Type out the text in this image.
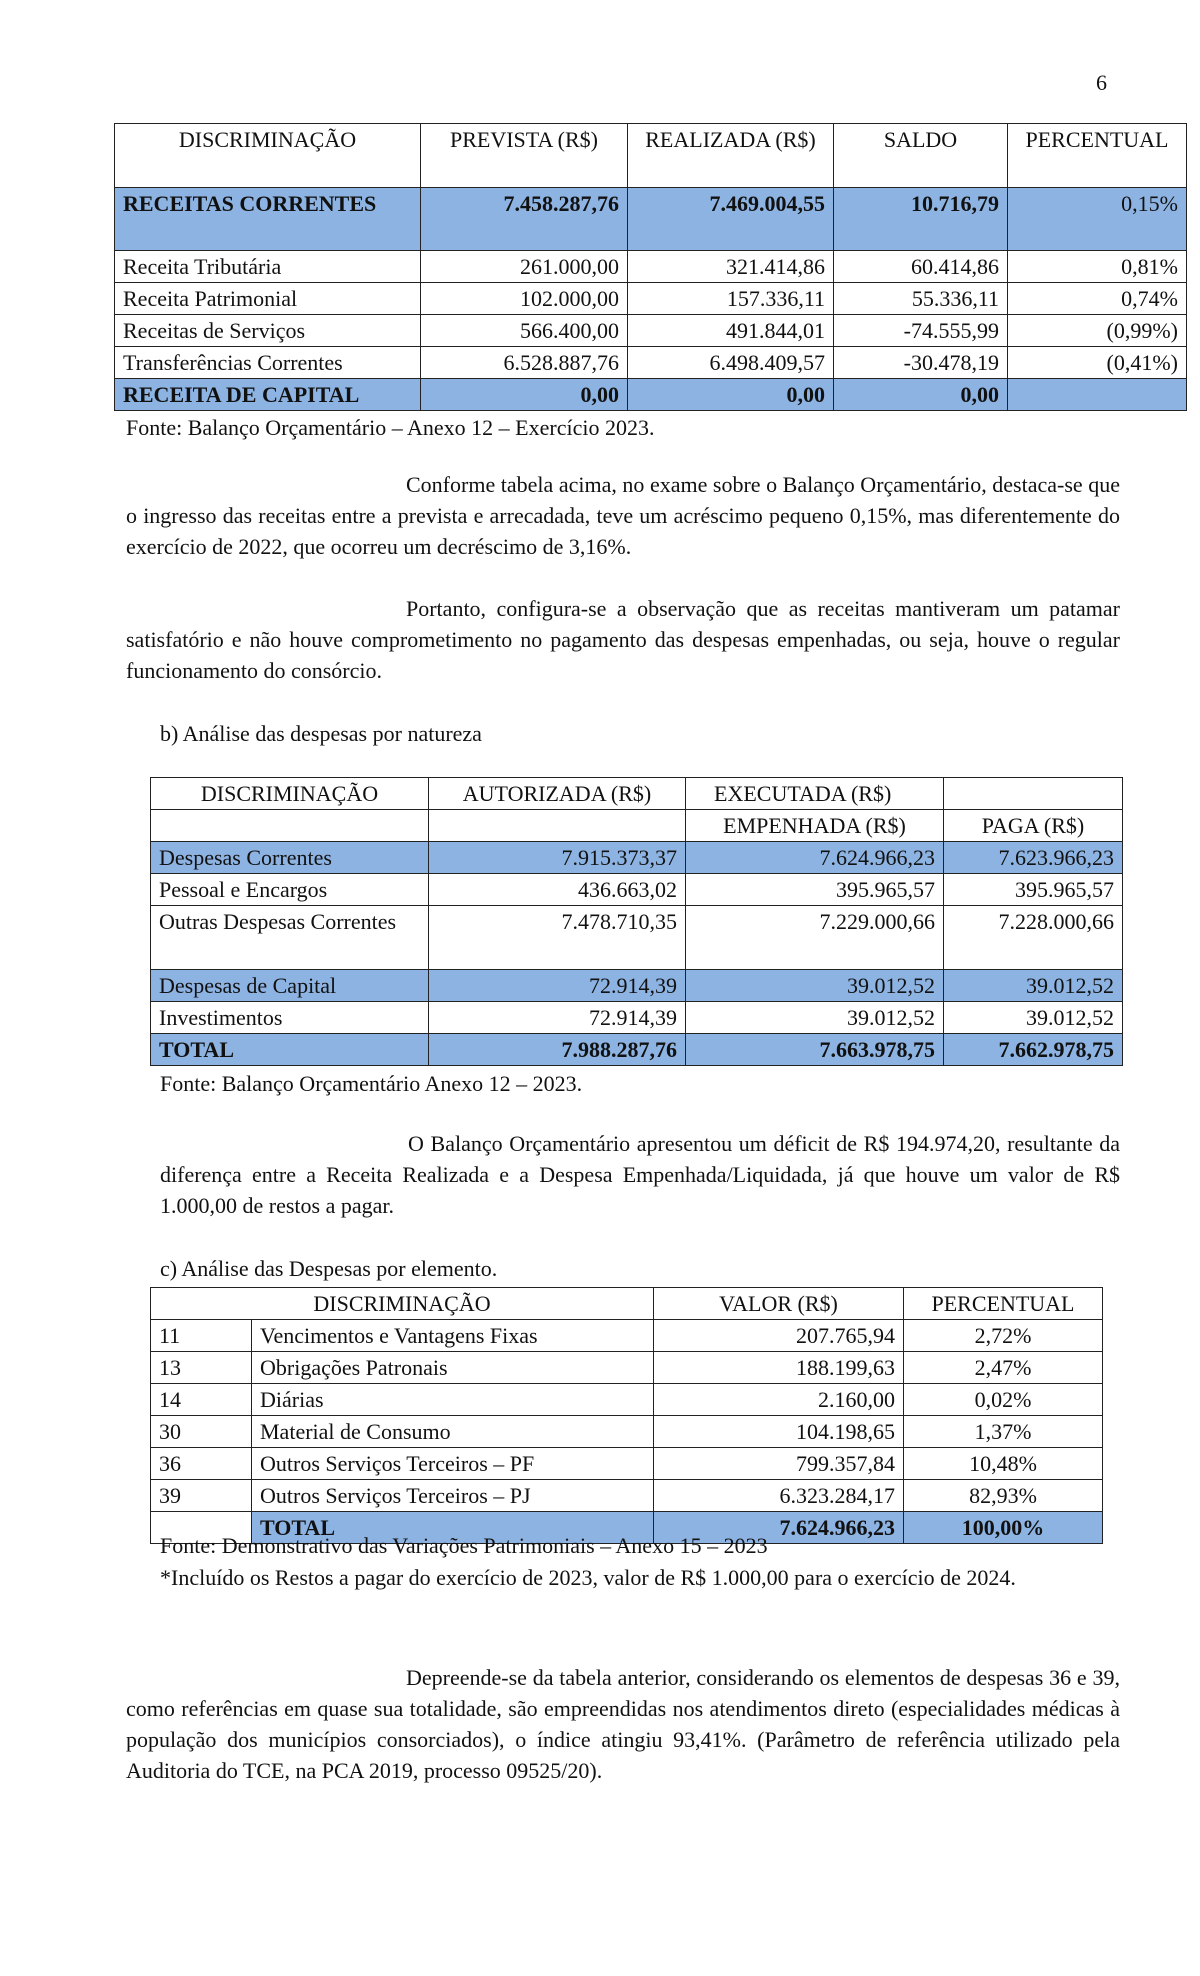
6
DISCRIMINAÇÃO	PREVISTA (R$)	REALIZADA (R$)	SALDO	PERCENTUAL
RECEITAS CORRENTES	7.458.287,76	7.469.004,55	10.716,79	0,15%
Receita Tributária	261.000,00	321.414,86	60.414,86	0,81%
Receita Patrimonial	102.000,00	157.336,11	55.336,11	0,74%
Receitas de Serviços	566.400,00	491.844,01	-74.555,99	(0,99%)
Transferências Correntes	6.528.887,76	6.498.409,57	-30.478,19	(0,41%)
RECEITA DE CAPITAL	0,00	0,00	0,00	
Fonte: Balanço Orçamentário – Anexo 12 – Exercício 2023.
Conforme tabela acima, no exame sobre o Balanço Orçamentário, destaca-se que o ingresso das receitas entre a prevista e arrecadada, teve um acréscimo pequeno 0,15%, mas diferentemente do exercício de 2022, que ocorreu um decréscimo de 3,16%.
Portanto, configura-se a observação que as receitas mantiveram um patamar satisfatório e não houve comprometimento no pagamento das despesas empenhadas, ou seja, houve o regular funcionamento do consórcio.
b) Análise das despesas por natureza
DISCRIMINAÇÃO	AUTORIZADA (R$)	EXECUTADA (R$)	
		EMPENHADA (R$)	PAGA (R$)
Despesas Correntes	7.915.373,37	7.624.966,23	7.623.966,23
Pessoal e Encargos	436.663,02	395.965,57	395.965,57
Outras Despesas Correntes	7.478.710,35	7.229.000,66	7.228.000,66
Despesas de Capital	72.914,39	39.012,52	39.012,52
Investimentos	72.914,39	39.012,52	39.012,52
TOTAL	7.988.287,76	7.663.978,75	7.662.978,75
Fonte: Balanço Orçamentário Anexo 12 – 2023.
O Balanço Orçamentário apresentou um déficit de R$ 194.974,20, resultante da diferença entre a Receita Realizada e a Despesa Empenhada/Liquidada, já que houve um valor de R$ 1.000,00 de restos a pagar.
c) Análise das Despesas por elemento.
DISCRIMINAÇÃO		VALOR (R$)	PERCENTUAL
11	Vencimentos e Vantagens Fixas	207.765,94	2,72%
13	Obrigações Patronais	188.199,63	2,47%
14	Diárias	2.160,00	0,02%
30	Material de Consumo	104.198,65	1,37%
36	Outros Serviços Terceiros – PF	799.357,84	10,48%
39	Outros Serviços Terceiros – PJ	6.323.284,17	82,93%
	TOTAL	7.624.966,23	100,00%
Fonte: Demonstrativo das Variações Patrimoniais – Anexo 15 – 2023
*Incluído os Restos a pagar do exercício de 2023, valor de R$ 1.000,00 para o exercício de 2024.
Depreende-se da tabela anterior, considerando os elementos de despesas 36 e 39, como referências em quase sua totalidade, são empreendidas nos atendimentos direto (especialidades médicas à população dos municípios consorciados), o índice atingiu 93,41%. (Parâmetro de referência utilizado pela Auditoria do TCE, na PCA 2019, processo 09525/20).
